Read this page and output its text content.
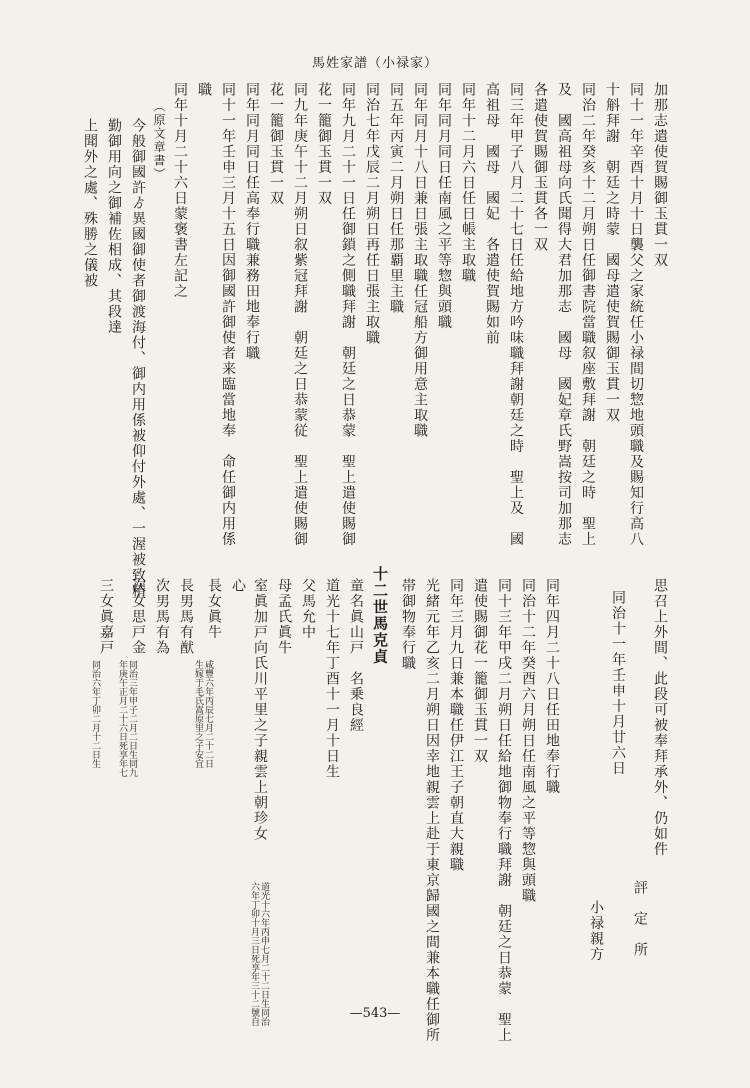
馬姓家譜（小禄家）
加那志遣使賀賜御玉貫一双
同十一年辛酉十月十日襲父之家統任小禄間切惣地頭職及賜知行高八
十斛拜謝　朝廷之時蒙　國母遣使賀賜御玉貫一双
同治二年癸亥十二月朔日任御書院當職叙座敷拜謝　朝廷之時　聖上
及　國高祖母向氏聞得大君加那志　國母　國妃章氏野嵩按司加那志
各遣使賀賜御玉貫各一双
同三年甲子八月二十七日任給地方吟味職拜謝朝廷之時　聖上及　國
高祖母　國母　國妃　各遣使賀賜如前
同年十二月六日任日帳主取職
同年同月同日任南風之平等惣與頭職
同年同月十八日兼日張主取職任冠船方御用意主取職
同五年丙寅二月朔日任那覇里主職
同治七年戊辰二月朔日再任日張主取職
同年九月二十一日任御鎖之側職拜謝　朝廷之日恭蒙　聖上遣使賜御
花一籠御玉貫一双
同九年庚午十二月朔日叙紫冠拜謝　朝廷之日恭蒙従　聖上遣使賜御
花一籠御玉貫一双
同年同月同日任高奉行職兼務田地奉行職
同十一年壬申三月十五日因御國許御使者来臨當地奉　命任御内用係
職
同年十月二十六日蒙褒書左記之
（原文章書）
今般御國許ゟ異國御使者御渡海付、御内用係被仰付外處、一渥被致精
勤御用向之御補佐相成、其段達
上聞外之處、殊勝之儀被
思召上外間、此段可被奉拜承外、仍如件
同治十一年壬申十月廿六日
評　定　所
小禄親方
同年四月二十八日任田地奉行職
同治十二年癸酉六月朔日任南風之平等惣與頭職
同十三年甲戌二月朔日任給地御物奉行職拜謝　朝廷之日恭蒙　聖上
遣使賜御花一籠御玉貫一双
同年三月九日兼本職任伊江王子朝直大親職
光緒元年乙亥二月朔日因幸地親雲上赴于東京歸國之間兼本職任御所
帯御物奉行職
十二世馬克貞
童名眞山戸　名乗良經
道光十七年丁酉十一月十日生
父馬允中
母孟氏眞牛
室眞加戸向氏川平里之子親雲上朝珍女
道光十六年丙申七月二十二日生同治
六年丁卯十月三日死享年三十二號自
心
長女眞牛
咸豐六年丙辰七月二十二日
生嫁于毛氏嵩原里之子安宜
長男馬有猷
次男馬有為
次女思戸金
同治三年甲子二月二日生同九
年庚午正月二十六日死享年七
三女眞嘉戸
同治六年丁卯二月十二日生
—543—
